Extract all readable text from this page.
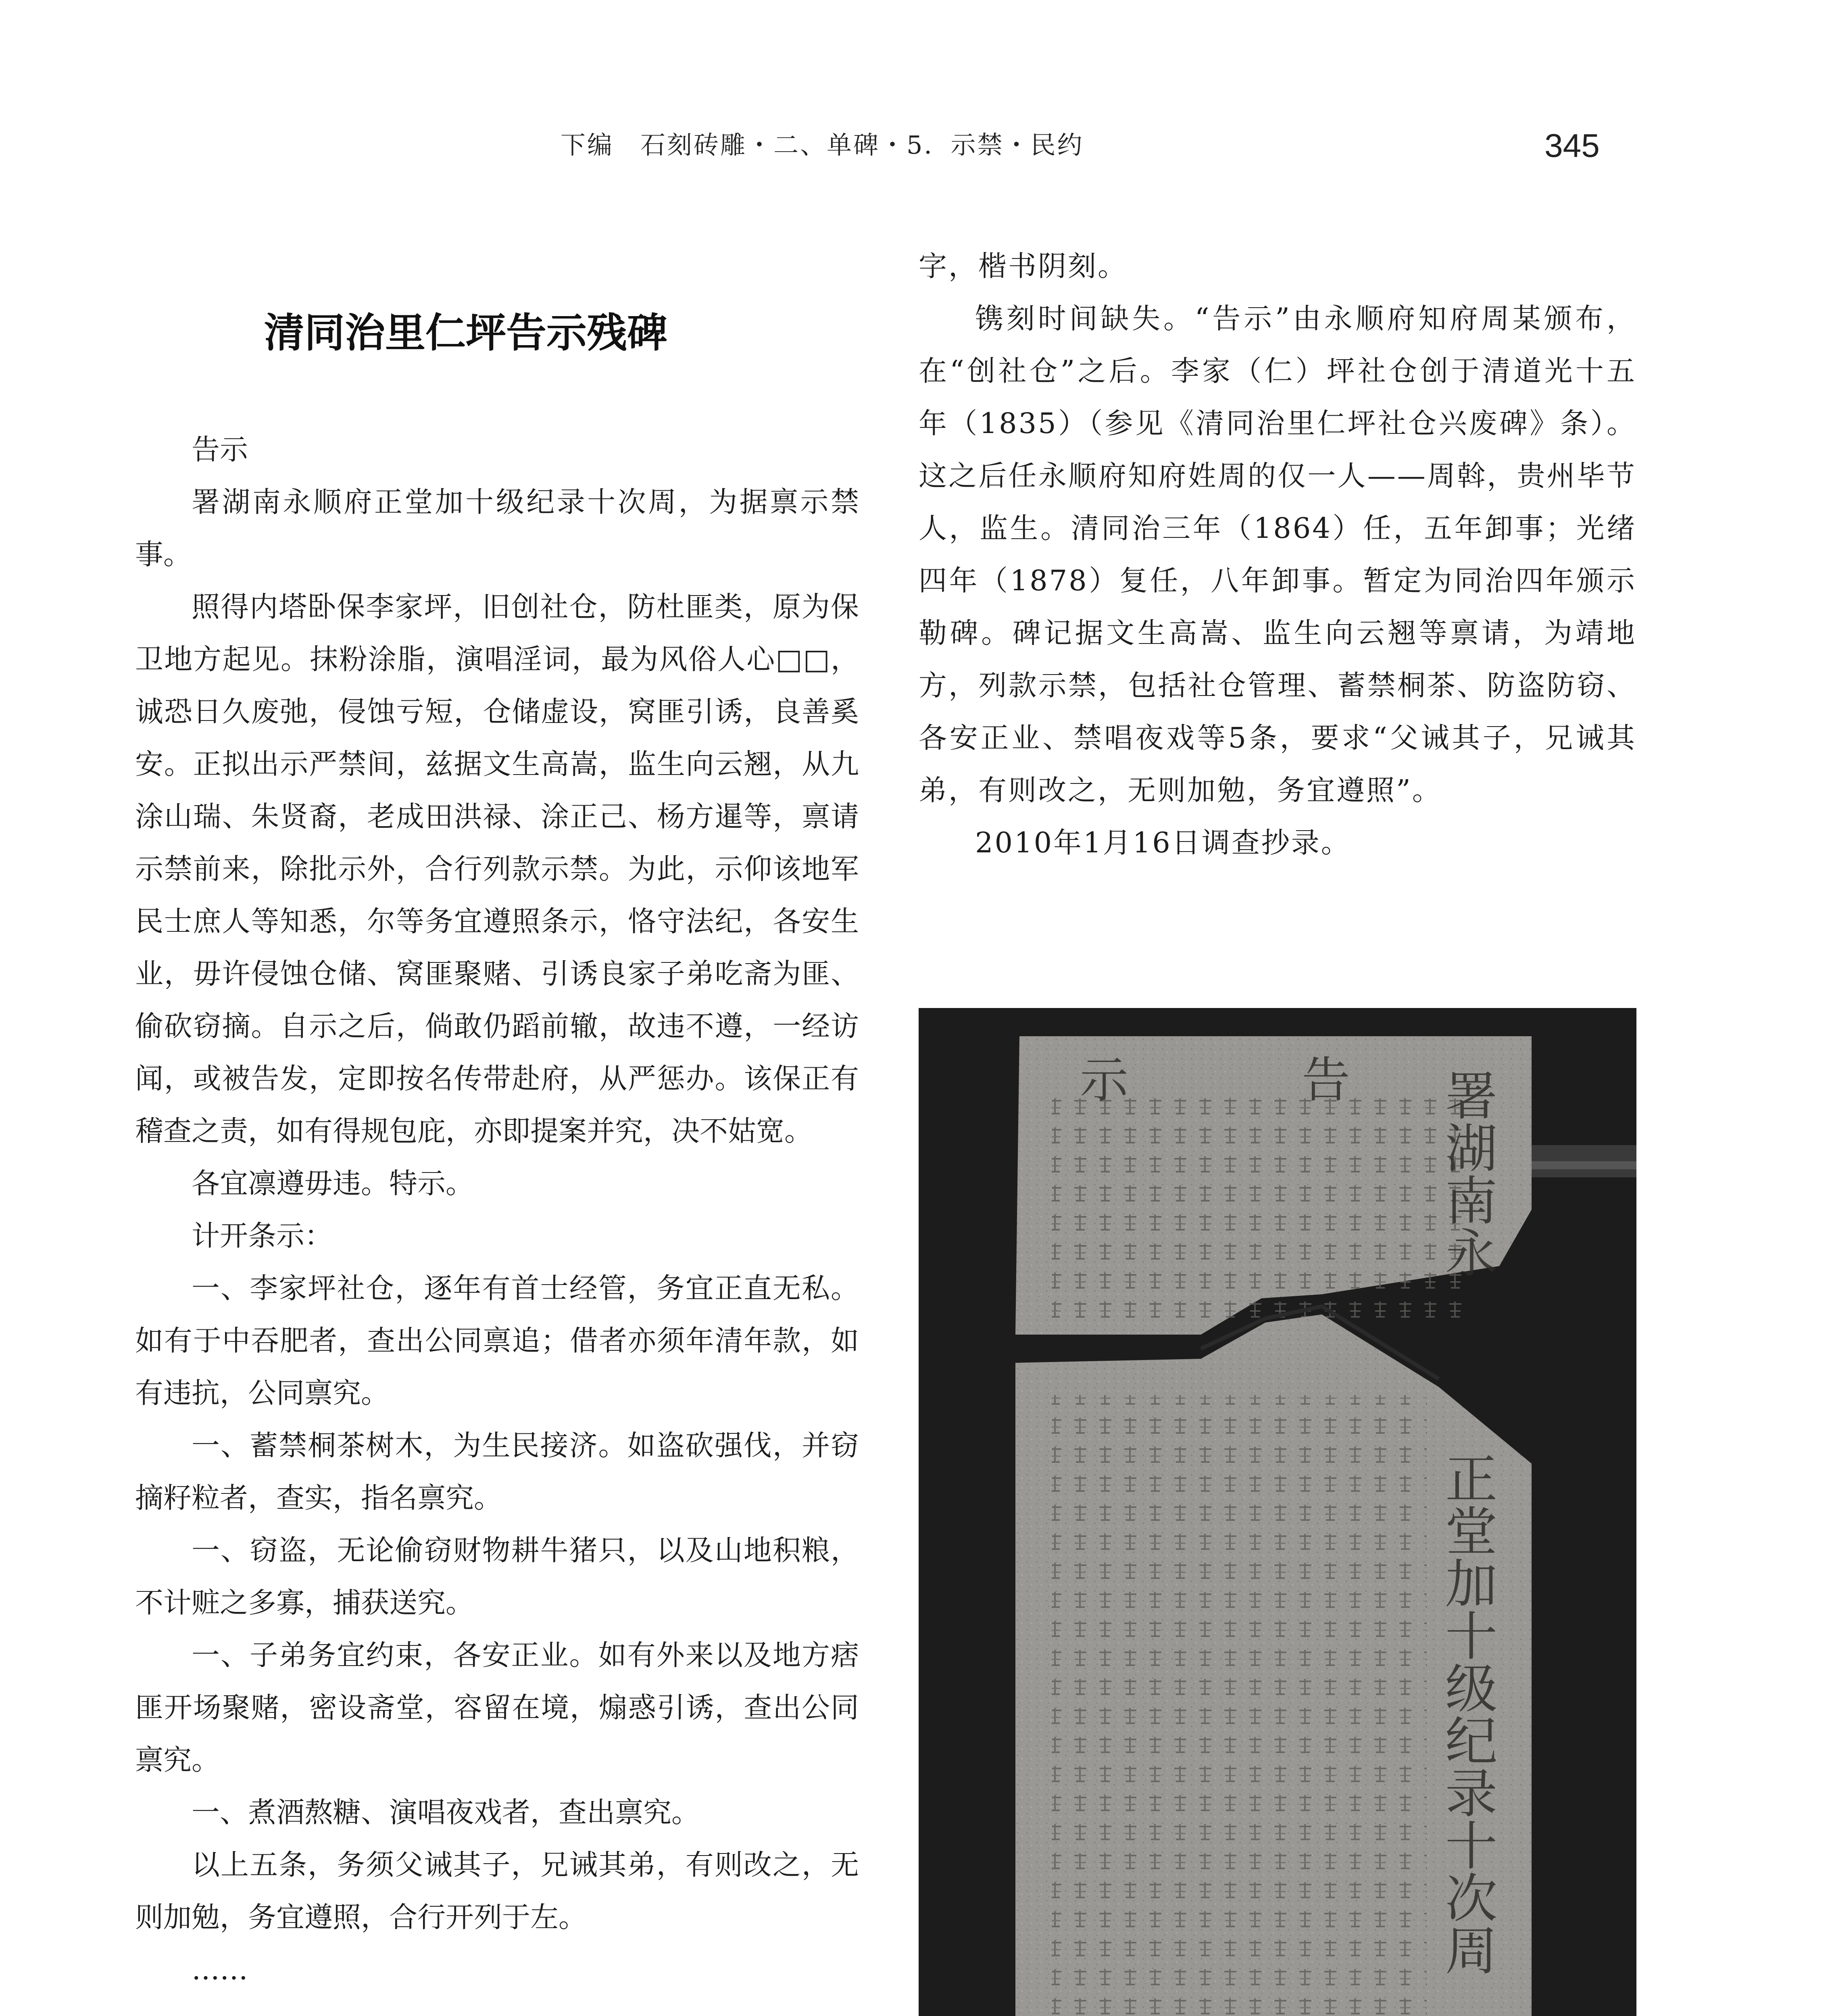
下编　石刻砖雕・二、单碑・5．示禁・民约	345
清同治里仁坪告示残碑

告示

署湖南永顺府正堂加十级纪录十次周，为据禀示禁事。

照得内塔卧保李家坪，旧创社仓，防杜匪类，原为保卫地方起见。抹粉涂脂，演唱淫词，最为风俗人心□□，诚恐日久废弛，侵蚀亏短，仓储虚设，窝匪引诱，良善奚安。正拟出示严禁间，兹据文生高嵩，监生向云翘，从九涂山瑞、朱贤裔，老成田洪禄、涂正己、杨方暹等，禀请示禁前来，除批示外，合行列款示禁。为此，示仰该地军民士庶人等知悉，尔等务宜遵照条示，恪守法纪，各安生业，毋许侵蚀仓储、窝匪聚赌、引诱良家子弟吃斋为匪、偷砍窃摘。自示之后，倘敢仍蹈前辙，故违不遵，一经访闻，或被告发，定即按名传带赴府，从严惩办。该保正有稽查之责，如有得规包庇，亦即提案并究，决不姑宽。

各宜凛遵毋违。特示。

计开条示：

一、李家坪社仓，逐年有首士经管，务宜正直无私。如有于中吞肥者，查出公同禀追；借者亦须年清年款，如有违抗，公同禀究。

一、蓄禁桐茶树木，为生民接济。如盗砍强伐，并窃摘籽粒者，查实，指名禀究。

一、窃盗，无论偷窃财物耕牛猪只，以及山地积粮，不计赃之多寡，捕获送究。

一、子弟务宜约束，各安正业。如有外来以及地方痞匪开场聚赌，密设斋堂，容留在境，煽惑引诱，查出公同禀究。

一、煮酒熬糖、演唱夜戏者，查出禀究。

以上五条，务须父诫其子，兄诫其弟，有则改之，无则加勉，务宜遵照，合行开列于左。

……

字，楷书阴刻。

镌刻时间缺失。“告示”由永顺府知府周某颁布，在“创社仓”之后。李家（仁）坪社仓创于清道光十五年（1835）（参见《清同治里仁坪社仓兴废碑》条）。这之后任永顺府知府姓周的仅一人——周斡，贵州毕节人，监生。清同治三年（1864）任，五年卸事；光绪四年（1878）复任，八年卸事。暂定为同治四年颁示勒碑。碑记据文生高嵩、监生向云翘等禀请，为靖地方，列款示禁，包括社仓管理、蓄禁桐茶、防盗防窃、各安正业、禁唱夜戏等5条，要求“父诫其子，兄诫其弟，有则改之，无则加勉，务宜遵照”。

2010年1月16日调查抄录。

示	告 署湖南永
正堂加十级纪录十次周
